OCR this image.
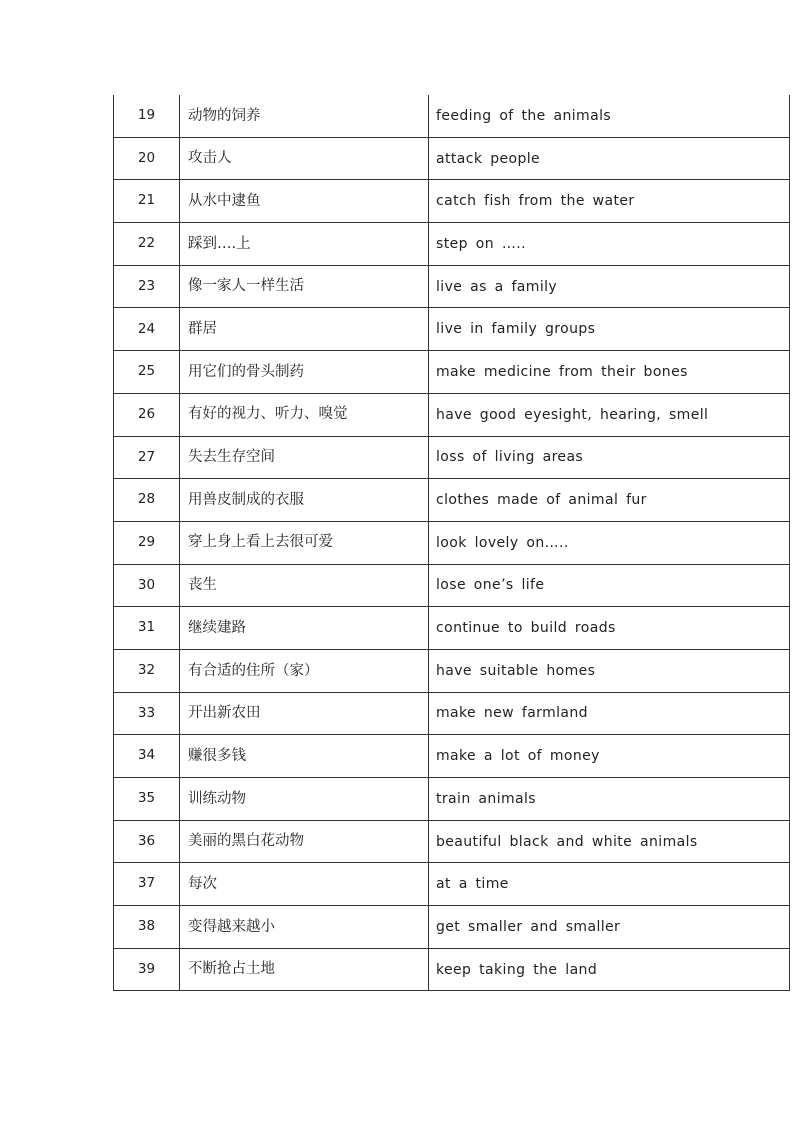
19	动物的饲养	feeding of the animals
20	攻击人	attack people
21	从水中逮鱼	catch fish from the water
22	踩到….上	step on …..
23	像一家人一样生活	live as a family
24	群居	live in family groups
25	用它们的骨头制药	make medicine from their bones
26	有好的视力、听力、嗅觉	have good eyesight, hearing, smell
27	失去生存空间	loss of living areas
28	用兽皮制成的衣服	clothes made of animal fur
29	穿上身上看上去很可爱	look lovely on…..
30	丧生	lose one’s life
31	继续建路	continue to build roads
32	有合适的住所（家）	have suitable homes
33	开出新农田	make new farmland
34	赚很多钱	make a lot of money
35	训练动物	train animals
36	美丽的黑白花动物	beautiful black and white animals
37	每次	at a time
38	变得越来越小	get smaller and smaller
39	不断抢占土地	keep taking the land
